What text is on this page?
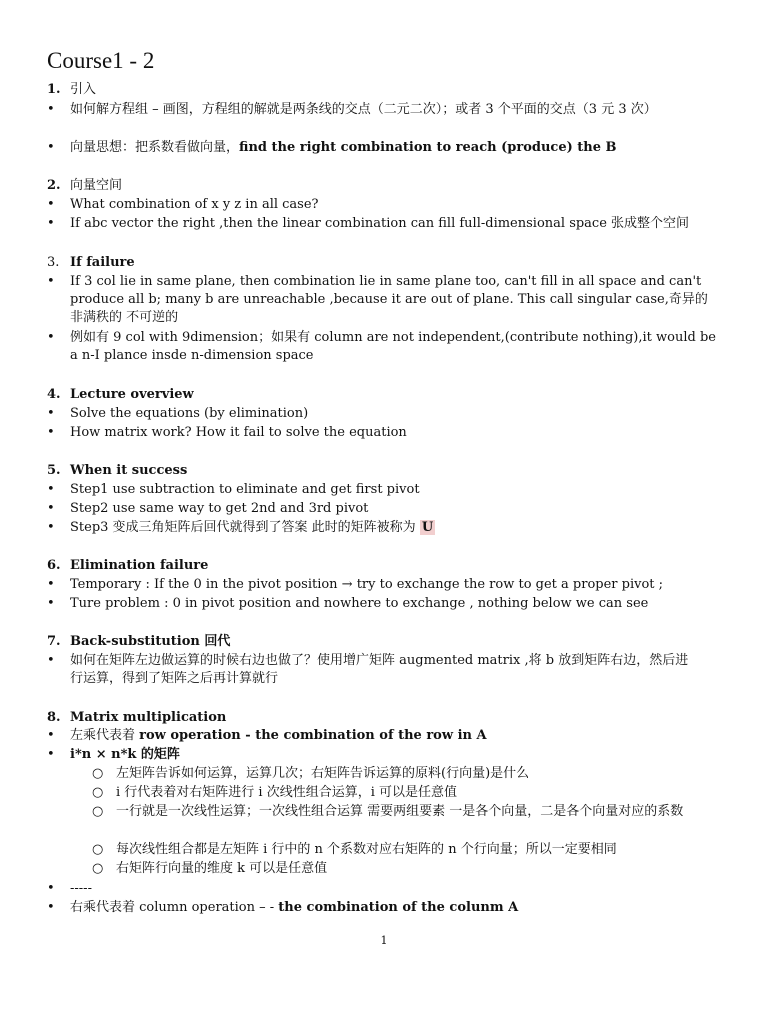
Course1 - 2
1. 引入
• 如何解方程组 – 画图，方程组的解就是两条线的交点（二元二次）；或者 3 个平面的交点（3 元 3 次）
• 向量思想：把系数看做向量，find the right combination to reach (produce) the B
2. 向量空间
• What combination of x y z in all case?
• If abc vector the right ,then the linear combination can fill full-dimensional space 张成整个空间
3. If failure
• If 3 col lie in same plane, then combination lie in same plane too, can't fill in all space and can't produce all b; many b are unreachable ,because it are out of plane. This call singular case,奇异的 非满秩的 不可逆的
• 例如有 9 col with 9dimension；如果有 column are not independent,(contribute nothing),it would be a n-I plance insde n-dimension space
4. Lecture overview
• Solve the equations (by elimination)
• How matrix work? How it fail to solve the equation
5. When it success
• Step1 use subtraction to eliminate and get first pivot
• Step2 use same way to get 2nd and 3rd pivot
• Step3 变成三角矩阵后回代就得到了答案 此时的矩阵被称为 U
6. Elimination failure
• Temporary : If the 0 in the pivot position → try to exchange the row to get a proper pivot ;
• Ture problem : 0 in pivot position and nowhere to exchange , nothing below we can see
7. Back-substitution 回代
• 如何在矩阵左边做运算的时候右边也做了？使用增广矩阵 augmented matrix ,将 b 放到矩阵右边，然后进行运算，得到了矩阵之后再计算就行
8. Matrix multiplication
• 左乘代表着 row operation - the combination of the row in A
• i*n × n*k 的矩阵
○ 左矩阵告诉如何运算，运算几次；右矩阵告诉运算的原料(行向量)是什么
○ i 行代表着对右矩阵进行 i 次线性组合运算，i 可以是任意值
○ 一行就是一次线性运算；一次线性组合运算 需要两组要素 一是各个向量，二是各个向量对应的系数
○ 每次线性组合都是左矩阵 i 行中的 n 个系数对应右矩阵的 n 个行向量；所以一定要相同
○ 右矩阵行向量的维度 k 可以是任意值
• -----
• 右乘代表着 column operation – - the combination of the colunm A
1
